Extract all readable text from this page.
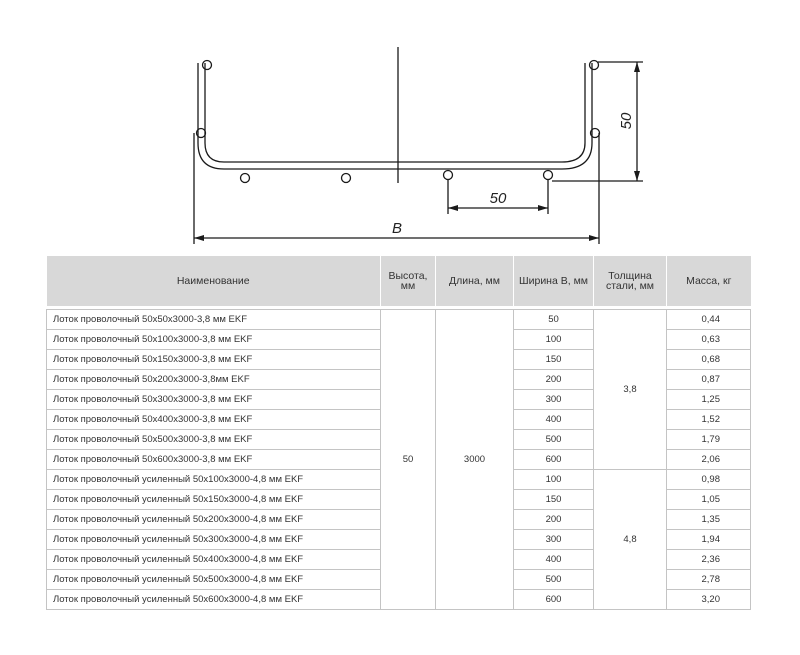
50
50
B
Наименование	Высота, мм	Длина, мм	Ширина В, мм	Толщина стали, мм	Масса, кг

Лоток проволочный 50x50x3000-3,8 мм EKF	50	3000	50	3,8	0,44
Лоток проволочный 50x100x3000-3,8 мм EKF			100		0,63
Лоток проволочный 50x150x3000-3,8 мм EKF			150		0,68
Лоток проволочный 50x200x3000-3,8мм EKF			200		0,87
Лоток проволочный 50x300x3000-3,8 мм EKF			300		1,25
Лоток проволочный 50x400x3000-3,8 мм EKF			400		1,52
Лоток проволочный 50x500x3000-3,8 мм EKF			500		1,79
Лоток проволочный 50x600x3000-3,8 мм EKF			600		2,06
Лоток проволочный усиленный 50x100x3000-4,8 мм EKF			100	4,8	0,98
Лоток проволочный усиленный 50x150x3000-4,8 мм EKF			150		1,05
Лоток проволочный усиленный 50x200x3000-4,8 мм EKF			200		1,35
Лоток проволочный усиленный 50x300x3000-4,8 мм EKF			300		1,94
Лоток проволочный усиленный 50x400x3000-4,8 мм EKF			400		2,36
Лоток проволочный усиленный 50x500x3000-4,8 мм EKF			500		2,78
Лоток проволочный усиленный 50x600x3000-4,8 мм EKF			600		3,20
